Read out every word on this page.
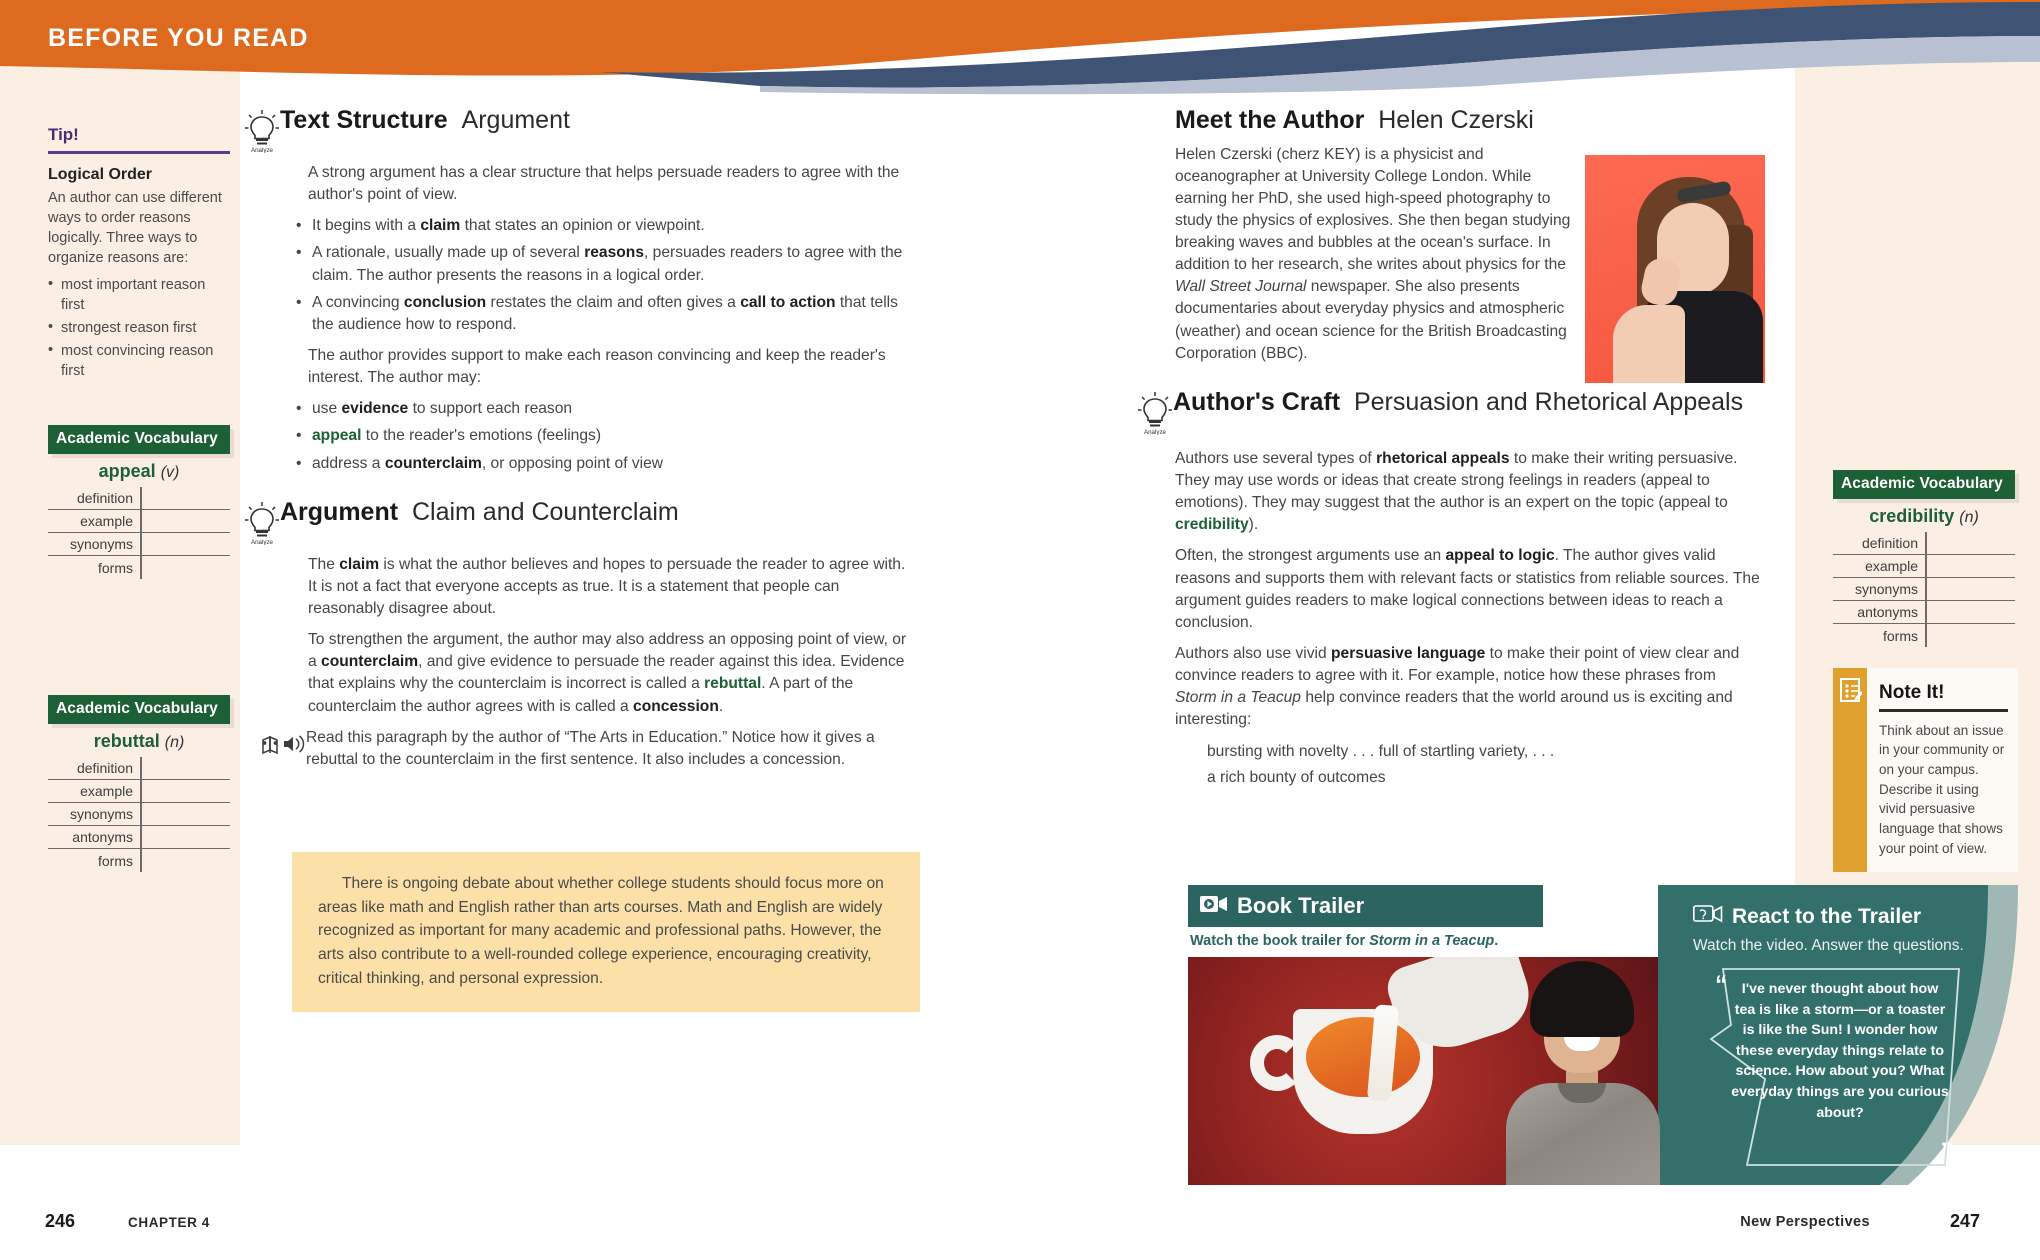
BEFORE YOU READ
Tip!
Logical Order
An author can use different ways to order reasons logically. Three ways to organize reasons are:
• most important reason first
• strongest reason first
• most convincing reason first
Academic Vocabulary
appeal (v)
definition
example
synonyms
forms
Academic Vocabulary
rebuttal (n)
definition
example
synonyms
antonyms
forms
Analyze
Text Structure Argument

A strong argument has a clear structure that helps persuade readers to agree with the author's point of view.

• It begins with a claim that states an opinion or viewpoint.
• A rationale, usually made up of several reasons, persuades readers to agree with the claim. The author presents the reasons in a logical order.
• A convincing conclusion restates the claim and often gives a call to action that tells the audience how to respond.

The author provides support to make each reason convincing and keep the reader's interest. The author may:

• use evidence to support each reason
• appeal to the reader's emotions (feelings)
• address a counterclaim, or opposing point of view
Analyze
Argument Claim and Counterclaim

The claim is what the author believes and hopes to persuade the reader to agree with. It is not a fact that everyone accepts as true. It is a statement that people can reasonably disagree about.

To strengthen the argument, the author may also address an opposing point of view, or a counterclaim, and give evidence to persuade the reader against this idea. Evidence that explains why the counterclaim is incorrect is called a rebuttal. A part of the counterclaim the author agrees with is called a concession.

Read this paragraph by the author of “The Arts in Education.” Notice how it gives a rebuttal to the counterclaim in the first sentence. It also includes a concession.

There is ongoing debate about whether college students should focus more on areas like math and English rather than arts courses. Math and English are widely recognized as important for many academic and professional paths. However, the arts also contribute to a well-rounded college experience, encouraging creativity, critical thinking, and personal expression.

Meet the Author Helen Czerski

Helen Czerski (cherz KEY) is a physicist and oceanographer at University College London. While earning her PhD, she used high-speed photography to study the physics of explosives. She then began studying breaking waves and bubbles at the ocean's surface. In addition to her research, she writes about physics for the Wall Street Journal newspaper. She also presents documentaries about everyday physics and atmospheric (weather) and ocean science for the British Broadcasting Corporation (BBC).

Analyze
Author's Craft Persuasion and Rhetorical Appeals

Authors use several types of rhetorical appeals to make their writing persuasive. They may use words or ideas that create strong feelings in readers (appeal to emotions). They may suggest that the author is an expert on the topic (appeal to credibility).

Often, the strongest arguments use an appeal to logic. The author gives valid reasons and supports them with relevant facts or statistics from reliable sources. The argument guides readers to make logical connections between ideas to reach a conclusion.

Authors also use vivid persuasive language to make their point of view clear and convince readers to agree with it. For example, notice how these phrases from Storm in a Teacup help convince readers that the world around us is exciting and interesting:

bursting with novelty . . . full of startling variety, . . .

a rich bounty of outcomes

Academic Vocabulary
credibility (n)
definition
example
synonyms
antonyms
forms
Note It!
Think about an issue in your community or on your campus. Describe it using vivid persuasive language that shows your point of view.
Book Trailer
Watch the book trailer for Storm in a Teacup.
React to the Trailer
Watch the video. Answer the questions.
“	I've never thought about how tea is like a storm—or a toaster is like the Sun! I wonder how these everyday things relate to science. How about you? What everyday things are you curious about?
”
246	CHAPTER 4	New Perspectives	247
